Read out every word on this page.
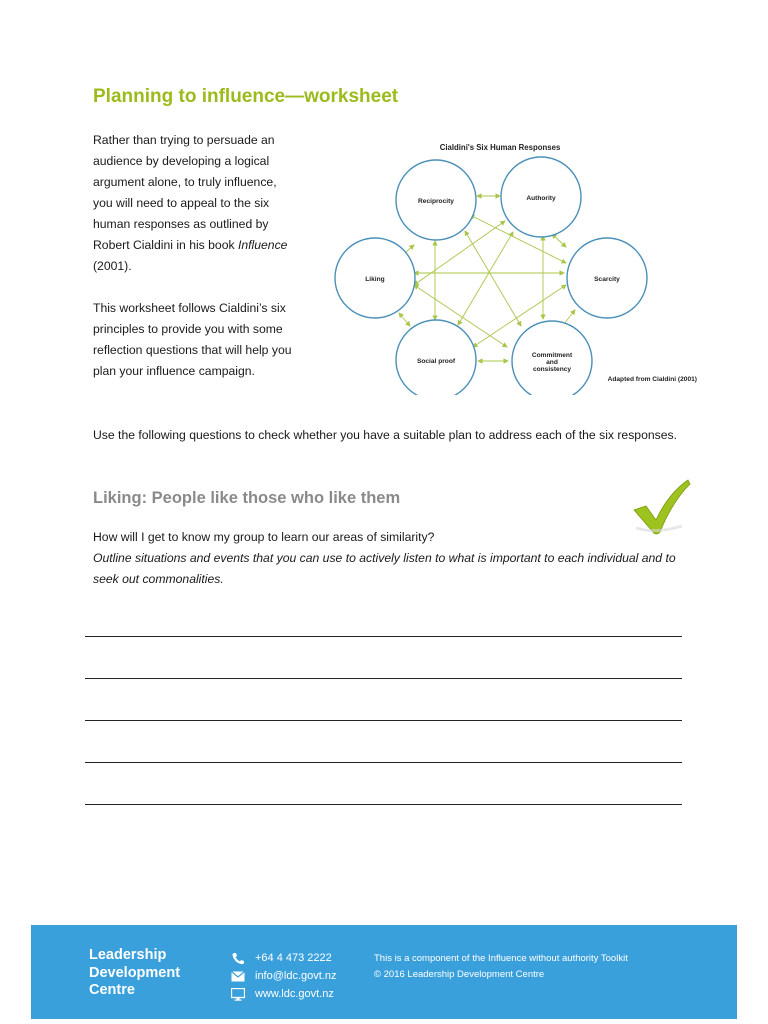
Planning to influence—worksheet

Rather than trying to persuade an audience by developing a logical argument alone, to truly influence, you will need to appeal to the six human responses as outlined by Robert Cialdini in his book Influence (2001).

This worksheet follows Cialdini’s six principles to provide you with some reflection questions that will help you plan your influence campaign.

Cialdini's Six Human Responses
Reciprocity	Authority
Liking	Scarcity
Social proof
Commitment
and
consistency
Adapted from Cialdini (2001)

Use the following questions to check whether you have a suitable plan to address each of the six responses.

Liking: People like those who like them
How will I get to know my group to learn our areas of similarity?
Outline situations and events that you can use to actively listen to what is important to each individual and to seek out commonalities.
Leadership
Development
Centre
+64 4 473 2222
info@ldc.govt.nz
www.ldc.govt.nz
This is a component of the Influence without authority Toolkit
© 2016 Leadership Development Centre
